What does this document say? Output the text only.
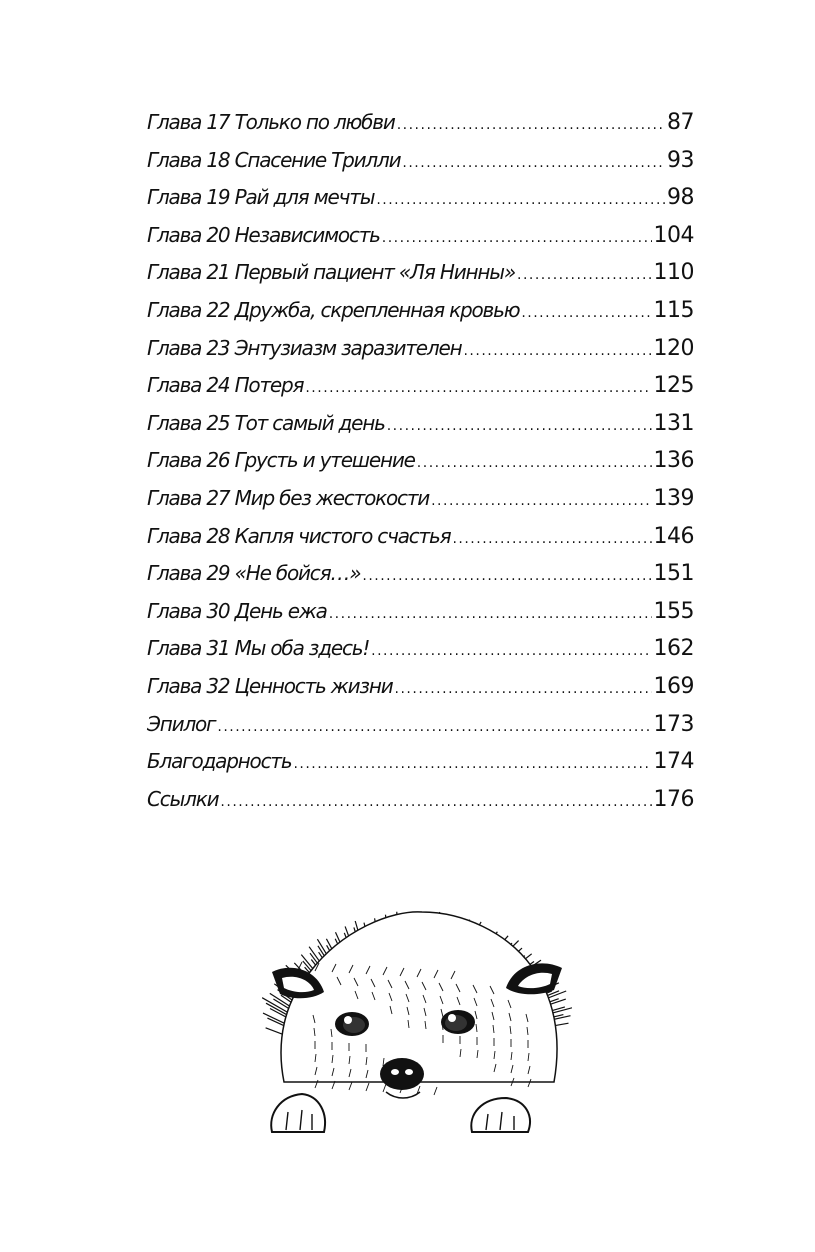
Глава 17 Только по любви .....	87
Глава 18 Спасение Трилли .....	93
Глава 19 Рай для мечты .....	98
Глава 20 Независимость .....	104
Глава 21 Первый пациент «Ля Нинны» .....	110
Глава 22 Дружба, скрепленная кровью .....	115
Глава 23 Энтузиазм заразителен .....	120
Глава 24 Потеря .....	125
Глава 25 Тот самый день .....	131
Глава 26 Грусть и утешение .....	136
Глава 27 Мир без жестокости .....	139
Глава 28 Капля чистого счастья .....	146
Глава 29 «Не бойся…» .....	151
Глава 30 День ежа .....	155
Глава 31 Мы оба здесь! .....	162
Глава 32 Ценность жизни .....	169
Эпилог .....	173
Благодарность .....	174
Ссылки .....	176
